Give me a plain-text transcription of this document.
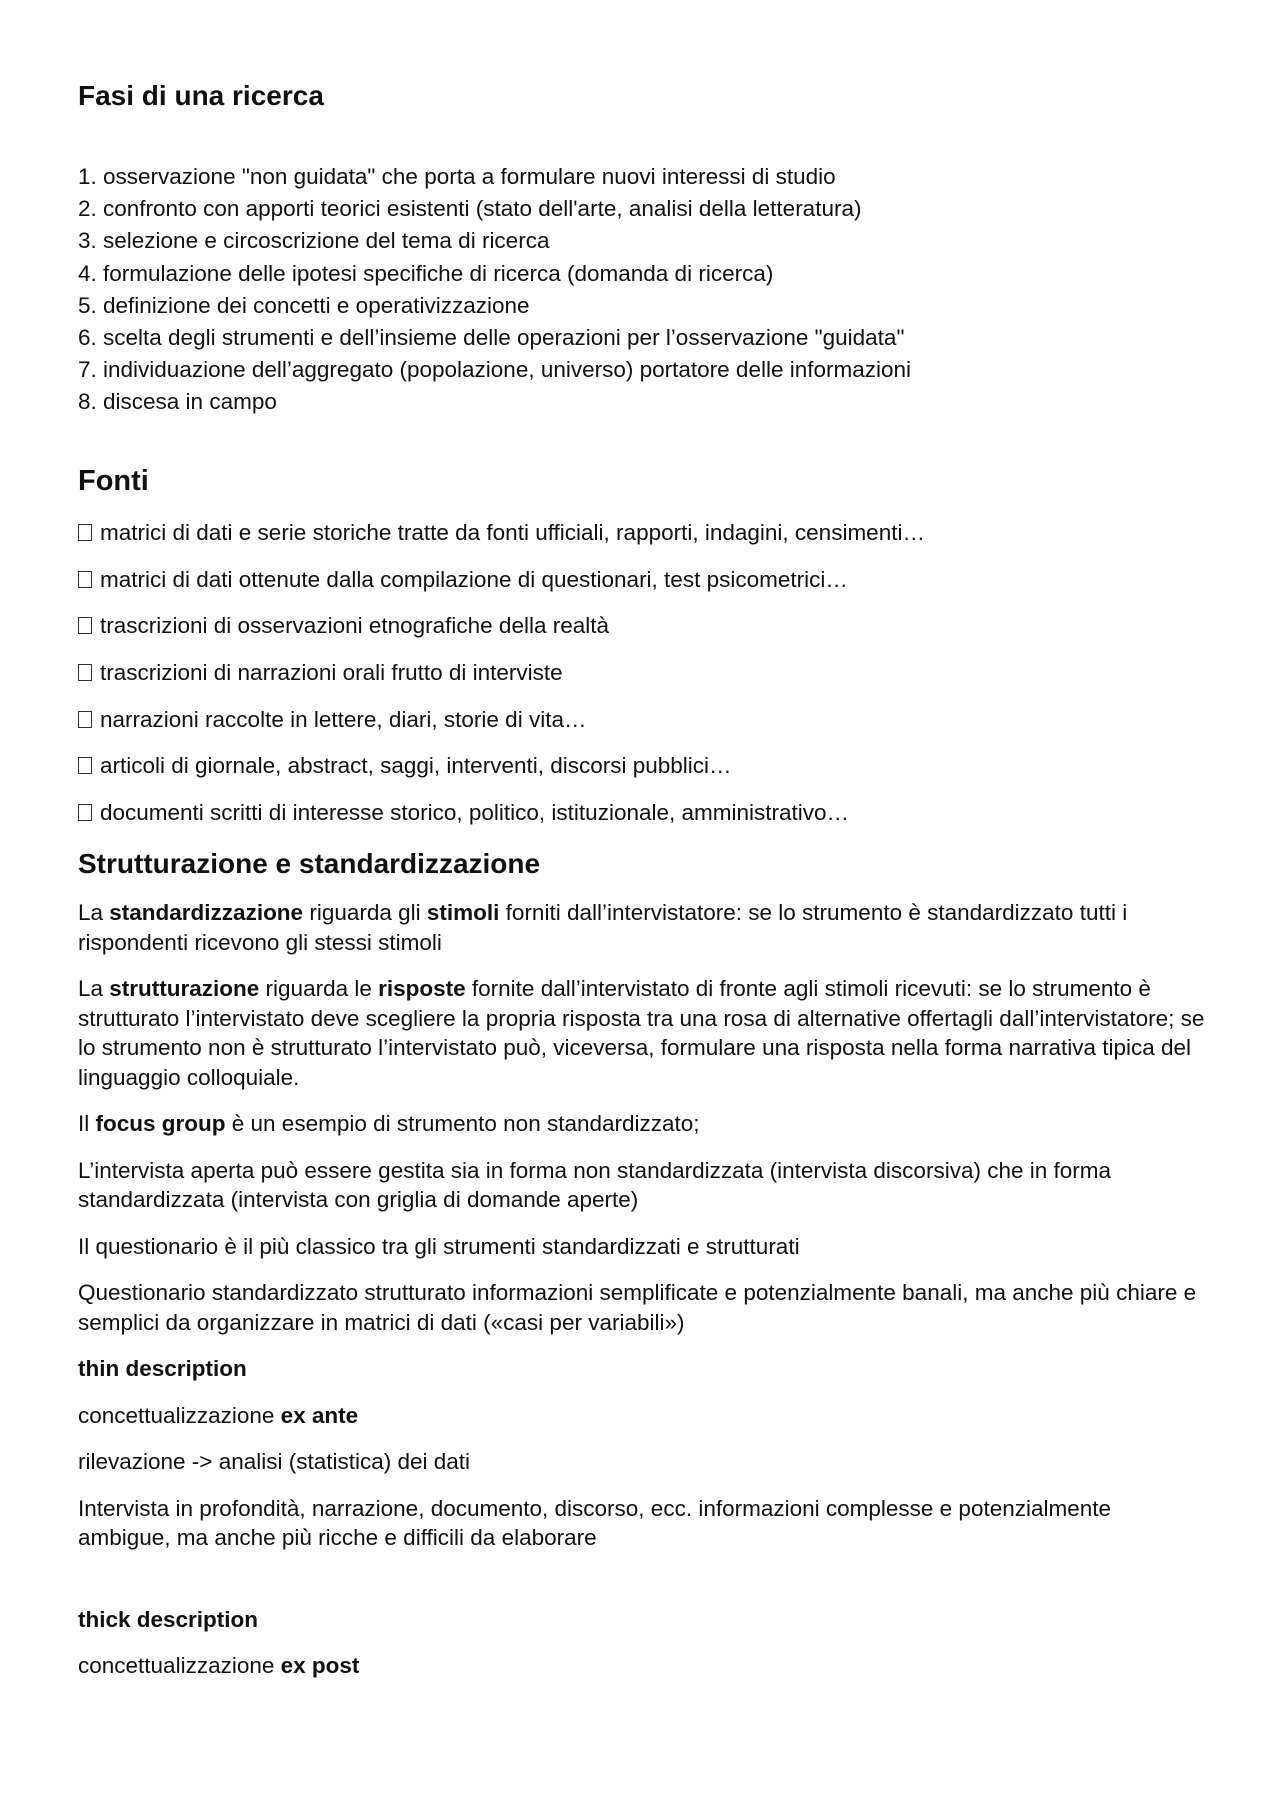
Fasi di una ricerca
1. osservazione "non guidata" che porta a formulare nuovi interessi di studio
2. confronto con apporti teorici esistenti (stato dell'arte, analisi della letteratura)
3. selezione e circoscrizione del tema di ricerca
4. formulazione delle ipotesi specifiche di ricerca (domanda di ricerca)
5. definizione dei concetti e operativizzazione
6. scelta degli strumenti e dell’insieme delle operazioni per l’osservazione "guidata"
7. individuazione dell’aggregato (popolazione, universo) portatore delle informazioni
8. discesa in campo
Fonti
matrici di dati e serie storiche tratte da fonti ufficiali, rapporti, indagini, censimenti…
matrici di dati ottenute dalla compilazione di questionari, test psicometrici…
trascrizioni di osservazioni etnografiche della realtà
trascrizioni di narrazioni orali frutto di interviste
narrazioni raccolte in lettere, diari, storie di vita…
articoli di giornale, abstract, saggi, interventi, discorsi pubblici…
documenti scritti di interesse storico, politico, istituzionale, amministrativo…
Strutturazione e standardizzazione

La standardizzazione riguarda gli stimoli forniti dall’intervistatore: se lo strumento è standardizzato tutti i rispondenti ricevono gli stessi stimoli

La strutturazione riguarda le risposte fornite dall’intervistato di fronte agli stimoli ricevuti: se lo strumento è strutturato l’intervistato deve scegliere la propria risposta tra una rosa di alternative offertagli dall’intervistatore; se lo strumento non è strutturato l’intervistato può, viceversa, formulare una risposta nella forma narrativa tipica del linguaggio colloquiale.

Il focus group è un esempio di strumento non standardizzato;

L’intervista aperta può essere gestita sia in forma non standardizzata (intervista discorsiva) che in forma standardizzata (intervista con griglia di domande aperte)

Il questionario è il più classico tra gli strumenti standardizzati e strutturati

Questionario standardizzato strutturato informazioni semplificate e potenzialmente banali, ma anche più chiare e semplici da organizzare in matrici di dati («casi per variabili»)

thin description

concettualizzazione ex ante

rilevazione -> analisi (statistica) dei dati

Intervista in profondità, narrazione, documento, discorso, ecc. informazioni complesse e potenzialmente ambigue, ma anche più ricche e difficili da elaborare

thick description

concettualizzazione ex post
